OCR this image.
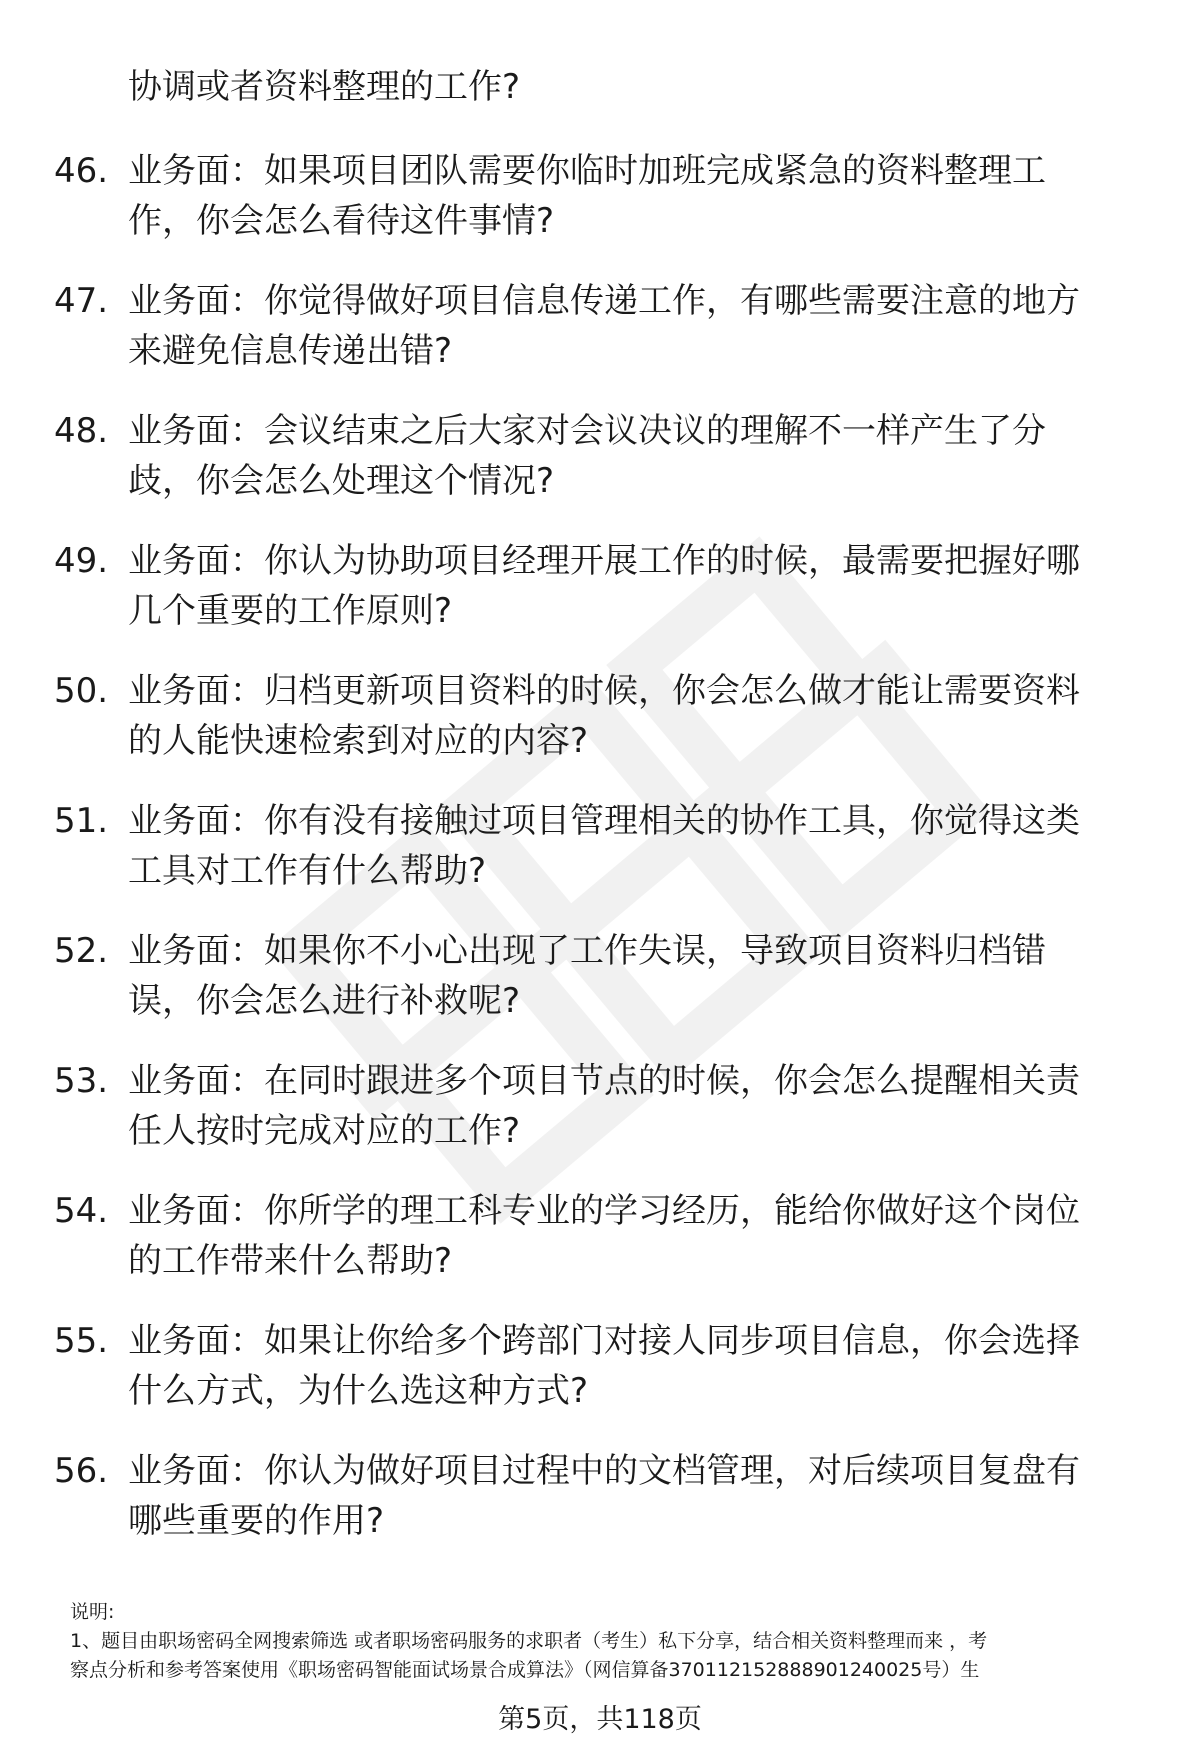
协调或者资料整理的工作?
46. 业务面：如果项目团队需要你临时加班完成紧急的资料整理工
作，你会怎么看待这件事情?

47. 业务面：你觉得做好项目信息传递工作，有哪些需要注意的地方
来避免信息传递出错?

48. 业务面：会议结束之后大家对会议决议的理解不一样产生了分
歧，你会怎么处理这个情况?

49. 业务面：你认为协助项目经理开展工作的时候，最需要把握好哪
几个重要的工作原则?

50. 业务面：归档更新项目资料的时候，你会怎么做才能让需要资料
的人能快速检索到对应的内容?

51. 业务面：你有没有接触过项目管理相关的协作工具，你觉得这类
工具对工作有什么帮助?

52. 业务面：如果你不小心出现了工作失误，导致项目资料归档错
误，你会怎么进行补救呢?

53. 业务面：在同时跟进多个项目节点的时候，你会怎么提醒相关责
任人按时完成对应的工作?

54. 业务面：你所学的理工科专业的学习经历，能给你做好这个岗位
的工作带来什么帮助?

55. 业务面：如果让你给多个跨部门对接人同步项目信息，你会选择
什么方式，为什么选这种方式?

56. 业务面：你认为做好项目过程中的文档管理，对后续项目复盘有
哪些重要的作用?

说明:
1、题目由职场密码全网搜索筛选 或者职场密码服务的求职者（考生）私下分享，结合相关资料整理而来 ，考
察点分析和参考答案使用《职场密码智能面试场景合成算法》（网信算备370112152888901240025号）生
第5页，共118页
